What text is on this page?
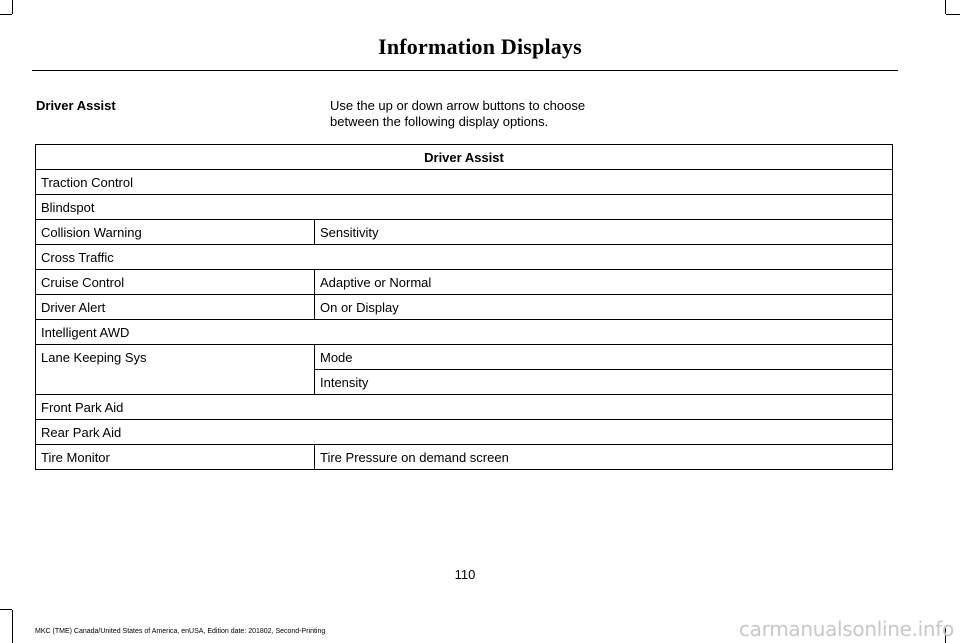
Information Displays
Driver Assist	Use the up or down arrow buttons to choose between the following display options.
Driver Assist	
Traction Control	
Blindspot	
Collision Warning	Sensitivity
Cross Traffic	
Cruise Control	Adaptive or Normal
Driver Alert	On or Display
Intelligent AWD	
Lane Keeping Sys	Mode
	Intensity
Front Park Aid	
Rear Park Aid	
Tire Monitor	Tire Pressure on demand screen
110
MKC (TME) Canada/United States of America, enUSA, Edition date: 201802, Second-Printing	carmanualsonline.info
